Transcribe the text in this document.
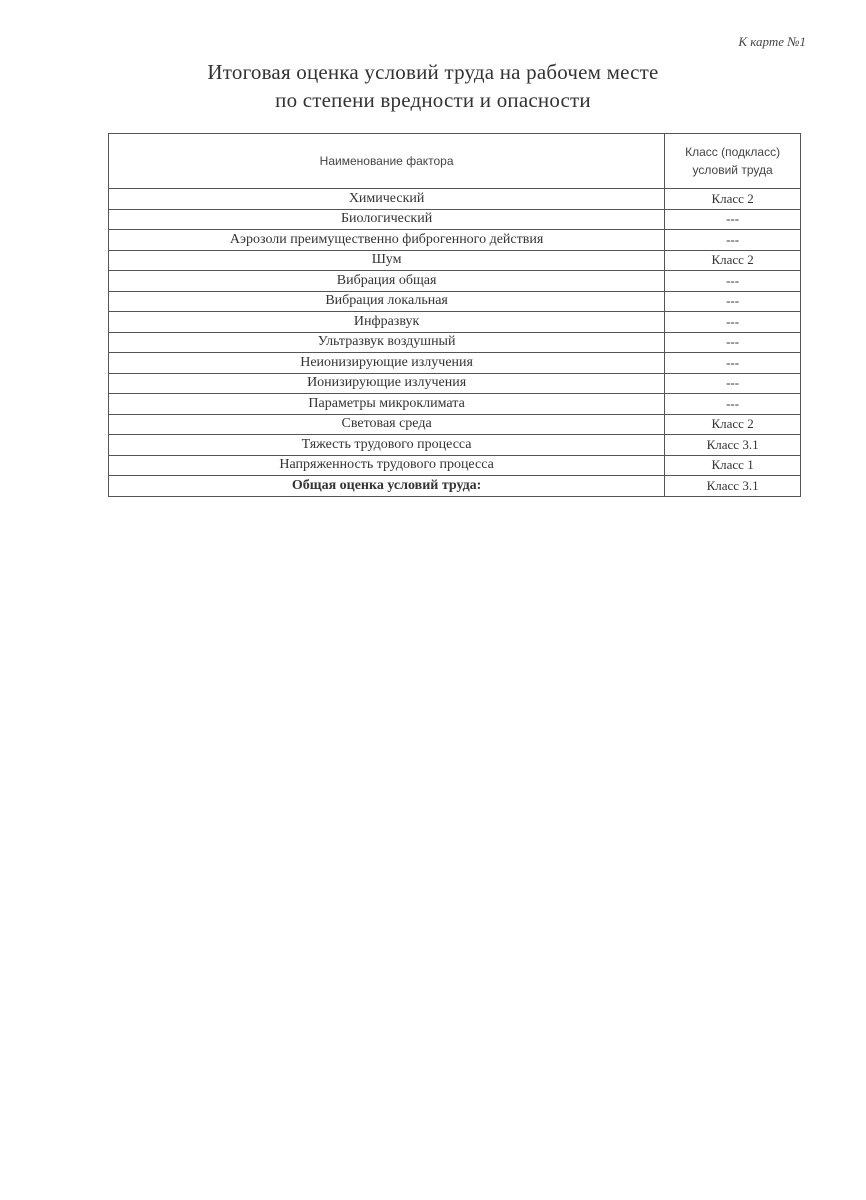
К карте №1
Итоговая оценка условий труда на рабочем месте
по степени вредности и опасности
Наименование фактора	Класс (подкласс) условий труда
Химический	Класс 2
Биологический	---
Аэрозоли преимущественно фиброгенного действия	---
Шум	Класс 2
Вибрация общая	---
Вибрация локальная	---
Инфразвук	---
Ультразвук воздушный	---
Неионизирующие излучения	---
Ионизирующие излучения	---
Параметры микроклимата	---
Световая среда	Класс 2
Тяжесть трудового процесса	Класс 3.1
Напряженность трудового процесса	Класс 1
Общая оценка условий труда:	Класс 3.1
